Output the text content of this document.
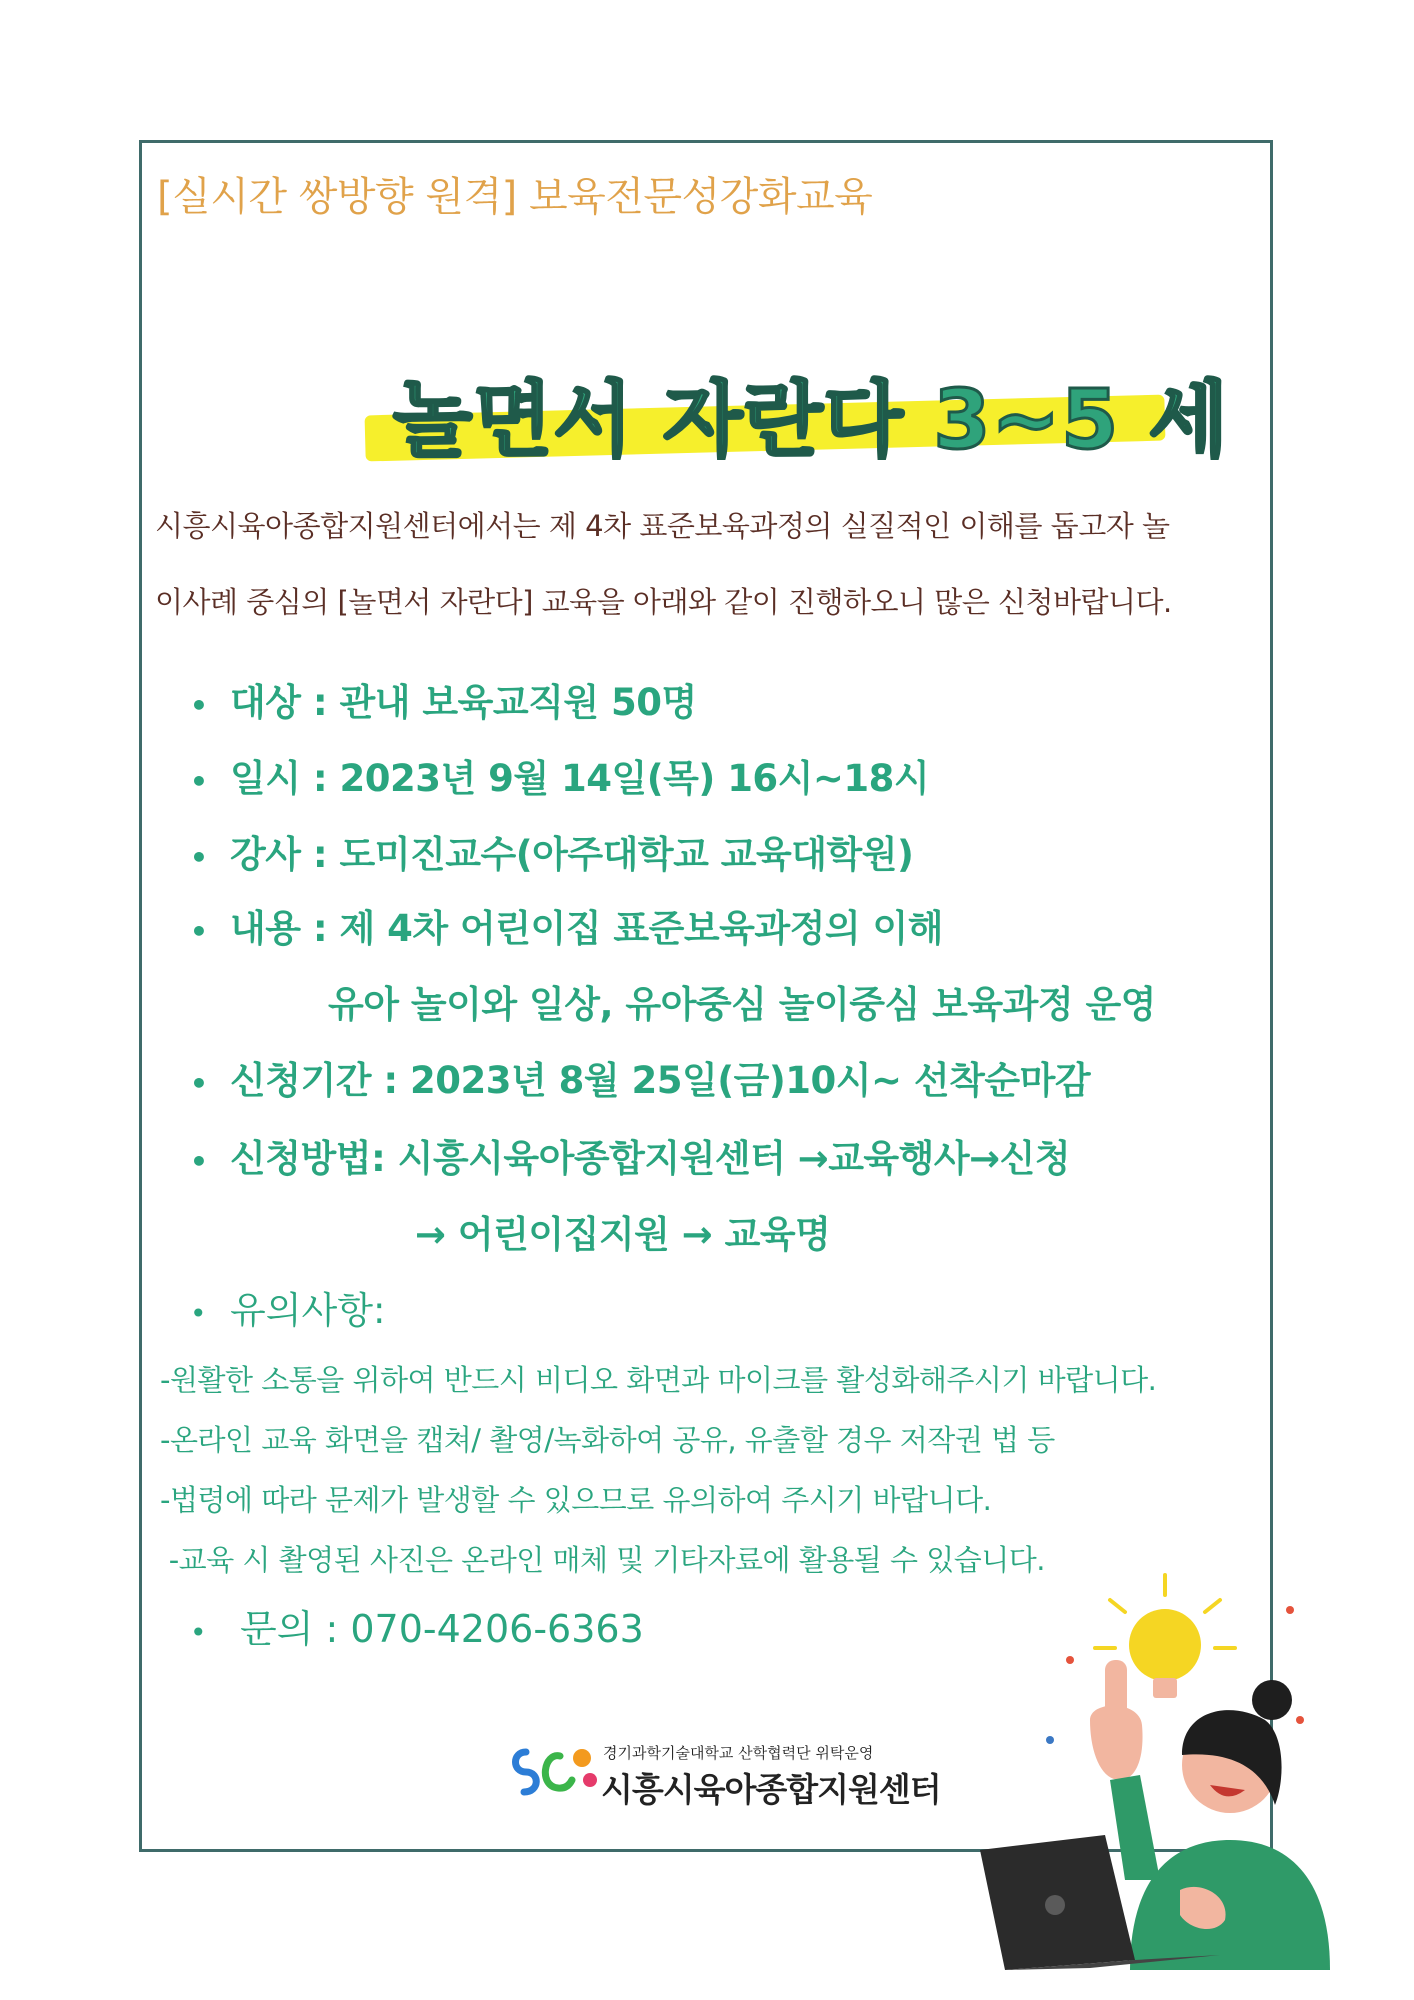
[실시간 쌍방향 원격] 보육전문성강화교육
놀면서 자란다 3~5 세
시흥시육아종합지원센터에서는 제 4차 표준보육과정의 실질적인 이해를 돕고자 놀
이사례 중심의 [놀면서 자란다] 교육을 아래와 같이 진행하오니 많은 신청바랍니다.
• 대상 : 관내 보육교직원 50명
• 일시 : 2023년 9월 14일(목) 16시~18시
• 강사 : 도미진교수(아주대학교 교육대학원)
• 내용 : 제 4차 어린이집 표준보육과정의 이해
유아 놀이와 일상, 유아중심 놀이중심 보육과정 운영
• 신청기간 : 2023년 8월 25일(금)10시~ 선착순마감
• 신청방법: 시흥시육아종합지원센터 →교육행사→신청
→ 어린이집지원 → 교육명
• 유의사항:
-원활한 소통을 위하여 반드시 비디오 화면과 마이크를 활성화해주시기 바랍니다.
-온라인 교육 화면을 캡쳐/ 촬영/녹화하여 공유, 유출할 경우 저작권 법 등
-법령에 따라 문제가 발생할 수 있으므로 유의하여 주시기 바랍니다.
-교육 시 촬영된 사진은 온라인 매체 및 기타자료에 활용될 수 있습니다.
• 문의 : 070-4206-6363
경기과학기술대학교 산학협력단 위탁운영
시흥시육아종합지원센터
